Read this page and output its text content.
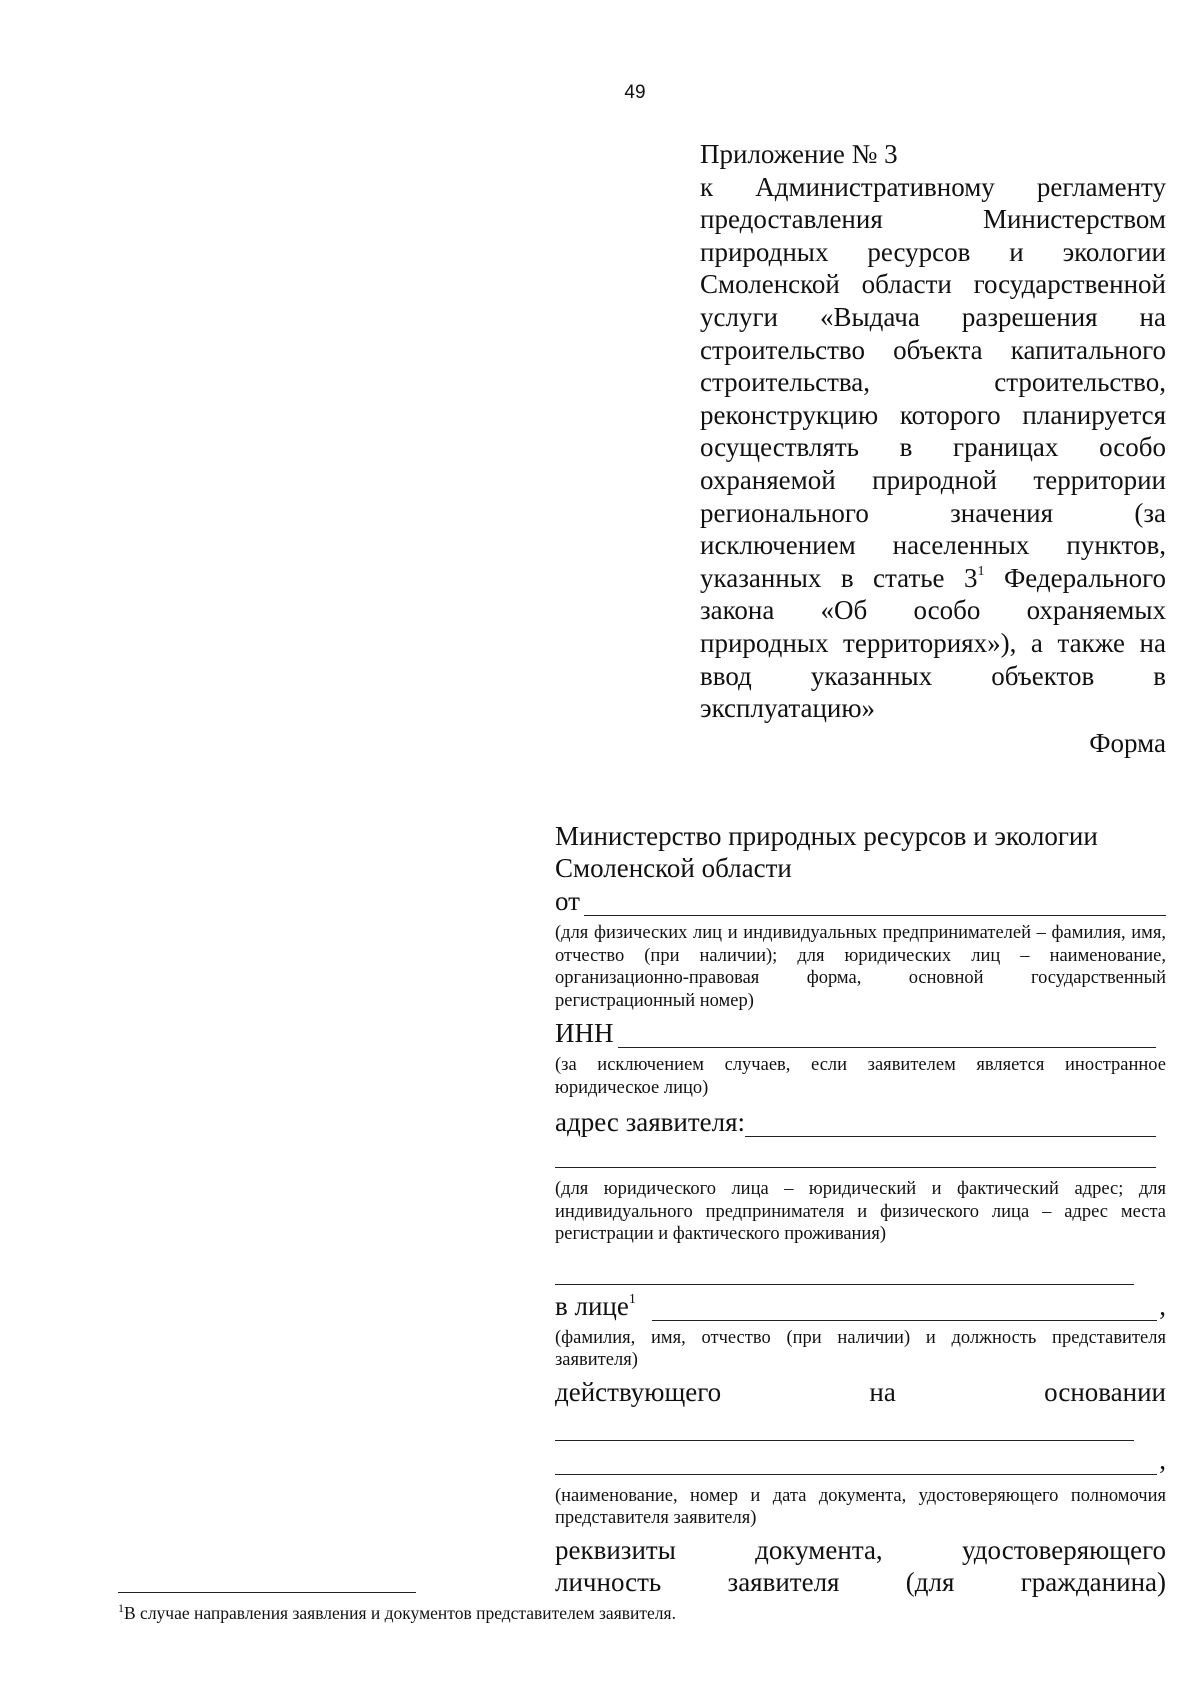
49

Приложение № 3

к Административному регламенту предоставления Министерством природных ресурсов и экологии Смоленской области государственной услуги «Выдача разрешения на строительство объекта капитального строительства, строительство, реконструкцию которого планируется осуществлять в границах особо охраняемой природной территории регионального значения (за исключением населенных пунктов, указанных в статье $3^1$ Федерального закона «Об особо охраняемых природных территориях»), а также на ввод указанных объектов в эксплуатацию»

Форма

Министерство природных ресурсов и экологии Смоленской области

от

(для физических лиц и индивидуальных предпринимателей – фамилия, имя, отчество (при наличии); для юридических лиц – наименование, организационно-правовая форма, основной государственный регистрационный номер)

ИНН

(за исключением случаев, если заявителем является иностранное юридическое лицо)

адрес заявителя:

(для юридического лица – юридический и фактический адрес; для индивидуального предпринимателя и физического лица – адрес места регистрации и фактического проживания)

в лице$^1$	,

(фамилия, имя, отчество (при наличии) и должность представителя заявителя)

действующего на основании

,

(наименование, номер и дата документа, удостоверяющего полномочия представителя заявителя)

реквизиты документа, удостоверяющего

личность заявителя (для гражданина)

$^1$В случае направления заявления и документов представителем заявителя.
